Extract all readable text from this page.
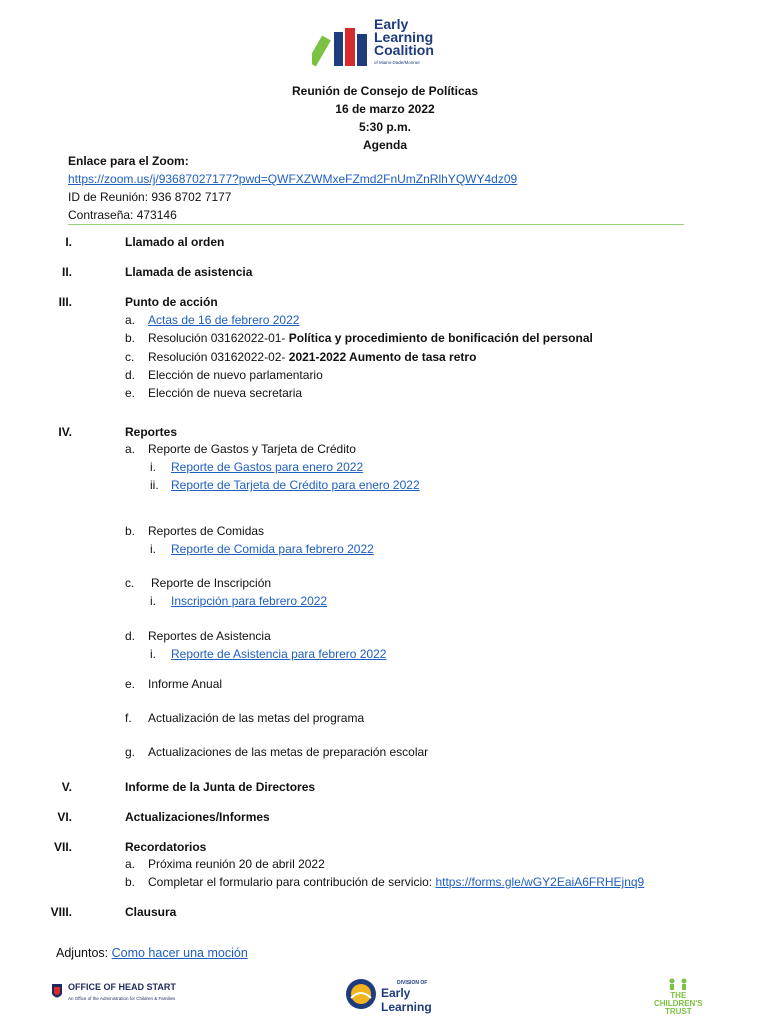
Early
Learning
Coalition
of Miami-Dade/Monroe
Reunión de Consejo de Políticas
16 de marzo 2022
5:30 p.m.
Agenda
Enlace para el Zoom:
https://zoom.us/j/93687027177?pwd=QWFXZWMxeFZmd2FnUmZnRlhYQWY4dz09
ID de Reunión: 936 8702 7177
Contraseña: 473146
I.	Llamado al orden
II.	Llamada de asistencia
III.	Punto de acción
a. Actas de 16 de febrero 2022
b. Resolución 03162022-01- Política y procedimiento de bonificación del personal
c. Resolución 03162022-02- 2021-2022 Aumento de tasa retro
d. Elección de nuevo parlamentario
e. Elección de nueva secretaria
IV.	Reportes
a. Reporte de Gastos y Tarjeta de Crédito
i. Reporte de Gastos para enero 2022
ii. Reporte de Tarjeta de Crédito para enero 2022
b. Reportes de Comidas
i. Reporte de Comida para febrero 2022
c. Reporte de Inscripción
i. Inscripción para febrero 2022
d. Reportes de Asistencia
i. Reporte de Asistencia para febrero 2022
e. Informe Anual
f. Actualización de las metas del programa
g. Actualizaciones de las metas de preparación escolar
V.	Informe de la Junta de Directores
VI.	Actualizaciones/Informes
VII.	Recordatorios
a. Próxima reunión 20 de abril 2022
b. Completar el formulario para contribución de servicio: https://forms.gle/wGY2EaiA6FRHEjnq9
VIII.	Clausura
Adjuntos: Como hacer una moción
OFFICE OF HEAD START
An Office of the Administration for Children & Families
DIVISION OF
Early Learning
THE
CHILDREN'S
TRUST
